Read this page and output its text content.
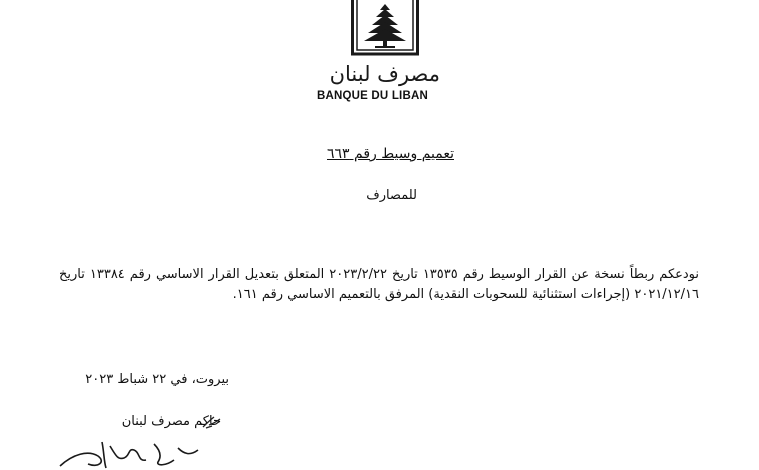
مصرف لبنان
BANQUE DU LIBAN
تعميم وسيط رقم ٦٦٣
للمصارف
نودعكم ربطاً نسخة عن القرار الوسيط رقم ١٣٥٣٥ تاريخ ٢٠٢٣/٢/٢٢ المتعلق بتعديل القرار الاساسي رقم ١٣٣٨٤ تاريخ ٢٠٢١/١٢/١٦ (إجراءات استثنائية للسحوبات النقدية) المرفق بالتعميم الاساسي رقم ١٦١.
بيروت، في ٢٢ شباط ٢٠٢٣
حاكم مصرف لبنان
